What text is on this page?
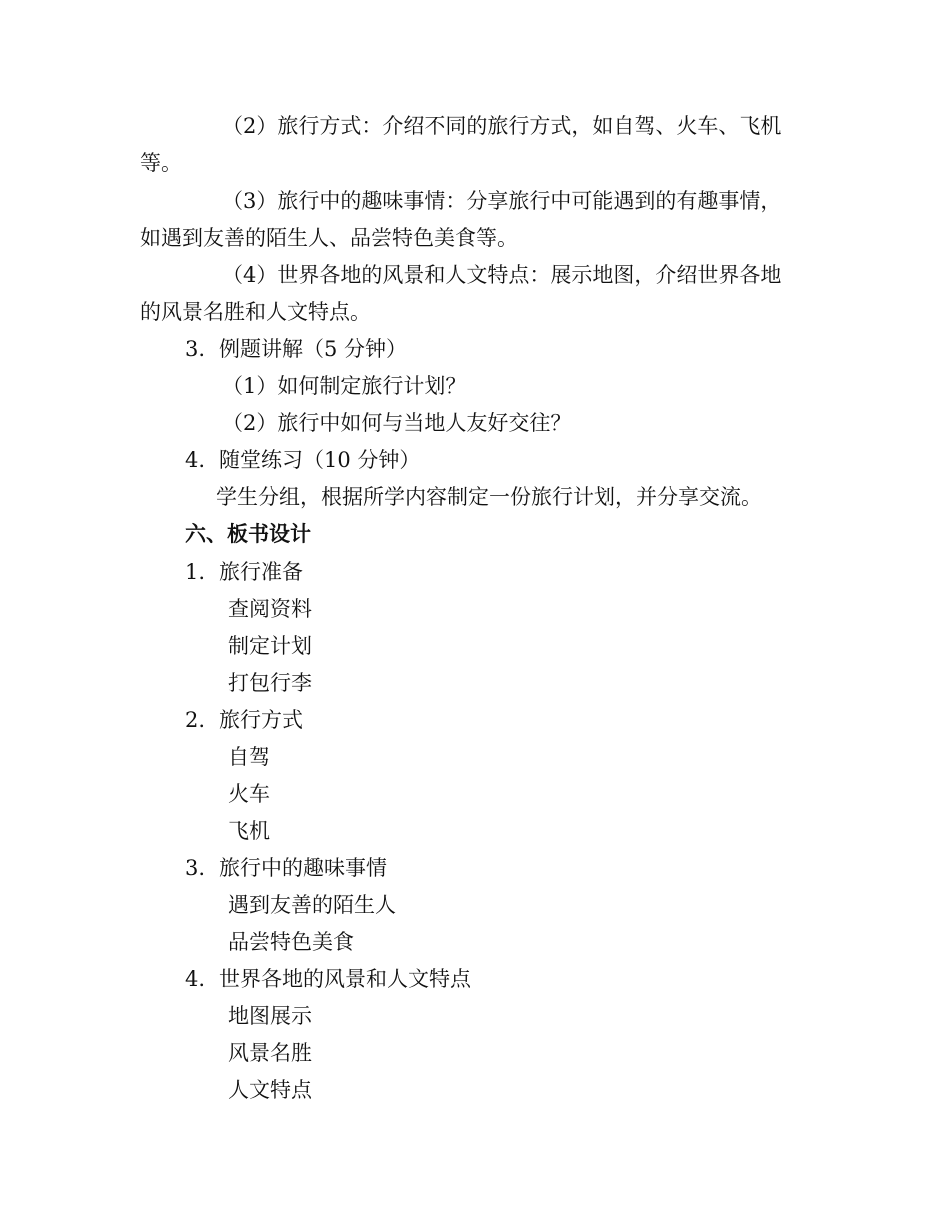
（2）旅行方式：介绍不同的旅行方式，如自驾、火车、飞机
等。
（3）旅行中的趣味事情：分享旅行中可能遇到的有趣事情，
如遇到友善的陌生人、品尝特色美食等。
（4）世界各地的风景和人文特点：展示地图，介绍世界各地
的风景名胜和人文特点。
3. 例题讲解（5 分钟）
（1）如何制定旅行计划？
（2）旅行中如何与当地人友好交往？
4. 随堂练习（10 分钟）
学生分组，根据所学内容制定一份旅行计划，并分享交流。
六、板书设计
1. 旅行准备
查阅资料
制定计划
打包行李
2. 旅行方式
自驾
火车
飞机
3. 旅行中的趣味事情
遇到友善的陌生人
品尝特色美食
4. 世界各地的风景和人文特点
地图展示
风景名胜
人文特点
